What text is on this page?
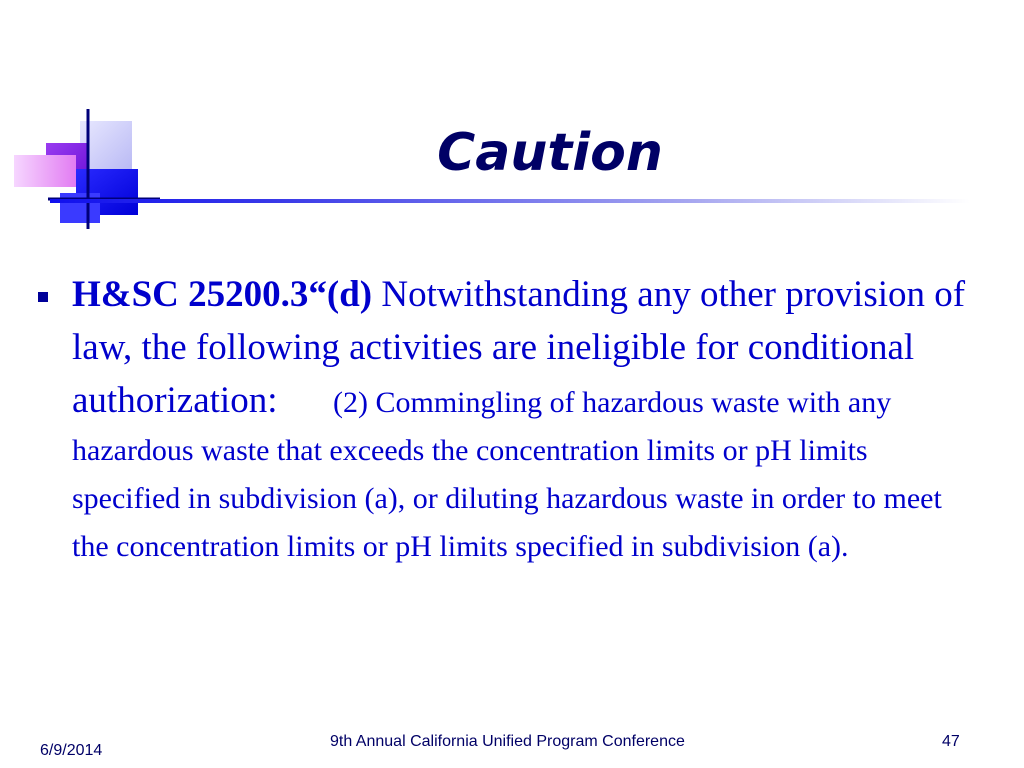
Caution

H&SC 25200.3“(d) Notwithstanding any other provision of law, the following activities are ineligible for conditional authorization:      (2) Commingling of hazardous waste with any hazardous waste that exceeds the concentration limits or pH limits specified in subdivision (a), or diluting hazardous waste in order to meet the concentration limits or pH limits specified in subdivision (a).

6/9/2014
9th Annual California Unified Program Conference	47
